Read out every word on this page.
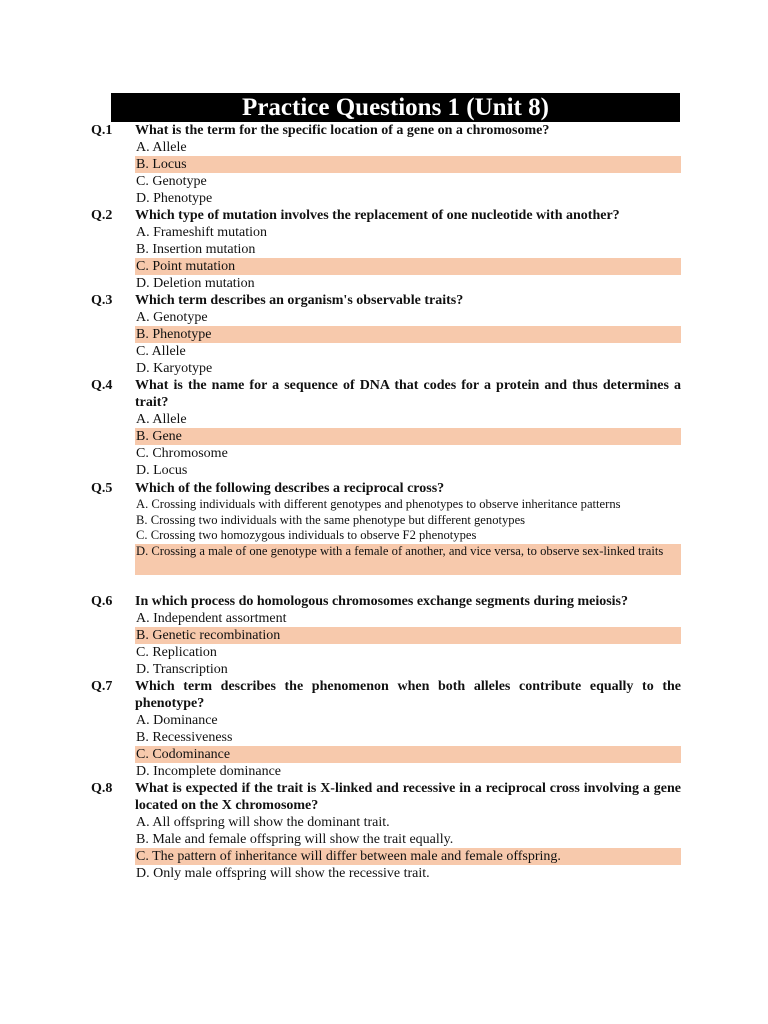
Practice Questions 1 (Unit 8)
Q.1	What is the term for the specific location of a gene on a chromosome?
A. Allele
B. Locus
C. Genotype
D. Phenotype
Q.2	Which type of mutation involves the replacement of one nucleotide with another?
A. Frameshift mutation
B. Insertion mutation
C. Point mutation
D. Deletion mutation
Q.3	Which term describes an organism's observable traits?
A. Genotype
B. Phenotype
C. Allele
D. Karyotype
Q.4	What is the name for a sequence of DNA that codes for a protein and thus determines a trait?
A. Allele
B. Gene
C. Chromosome
D. Locus
Q.5	Which of the following describes a reciprocal cross?
A. Crossing individuals with different genotypes and phenotypes to observe inheritance patterns
B. Crossing two individuals with the same phenotype but different genotypes
C. Crossing two homozygous individuals to observe F2 phenotypes
D. Crossing a male of one genotype with a female of another, and vice versa, to observe sex-linked traits
Q.6	In which process do homologous chromosomes exchange segments during meiosis?
A. Independent assortment
B. Genetic recombination
C. Replication
D. Transcription
Q.7	Which term describes the phenomenon when both alleles contribute equally to the phenotype?
A. Dominance
B. Recessiveness
C. Codominance
D. Incomplete dominance
Q.8	What is expected if the trait is X-linked and recessive in a reciprocal cross involving a gene located on the X chromosome?
A. All offspring will show the dominant trait.
B. Male and female offspring will show the trait equally.
C. The pattern of inheritance will differ between male and female offspring.
D. Only male offspring will show the recessive trait.
